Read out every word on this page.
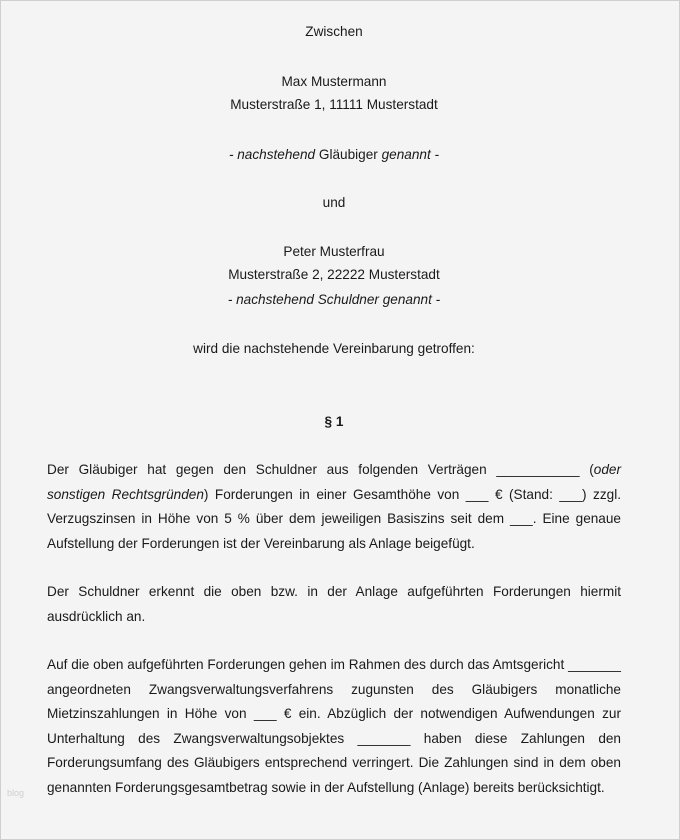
Zwischen
Max Mustermann
Musterstraße 1, 11111 Musterstadt
- nachstehend Gläubiger genannt -
und
Peter Musterfrau
Musterstraße 2, 22222 Musterstadt
- nachstehend Schuldner genannt -
wird die nachstehende Vereinbarung getroffen:
§ 1

Der Gläubiger hat gegen den Schuldner aus folgenden Verträgen ___________ (oder sonstigen Rechtsgründen) Forderungen in einer Gesamthöhe von ___ € (Stand: ___) zzgl. Verzugszinsen in Höhe von 5 % über dem jeweiligen Basiszins seit dem ___. Eine genaue Aufstellung der Forderungen ist der Vereinbarung als Anlage beigefügt.

Der Schuldner erkennt die oben bzw. in der Anlage aufgeführten Forderungen hiermit ausdrücklich an.

Auf die oben aufgeführten Forderungen gehen im Rahmen des durch das Amtsgericht _______ angeordneten Zwangsverwaltungsverfahrens zugunsten des Gläubigers monatliche Mietzinszahlungen in Höhe von ___ € ein. Abzüglich der notwendigen Aufwendungen zur Unterhaltung des Zwangsverwaltungsobjektes _______ haben diese Zahlungen den Forderungsumfang des Gläubigers entsprechend verringert. Die Zahlungen sind in dem oben genannten Forderungsgesamtbetrag sowie in der Aufstellung (Anlage) bereits berücksichtigt.

blog
